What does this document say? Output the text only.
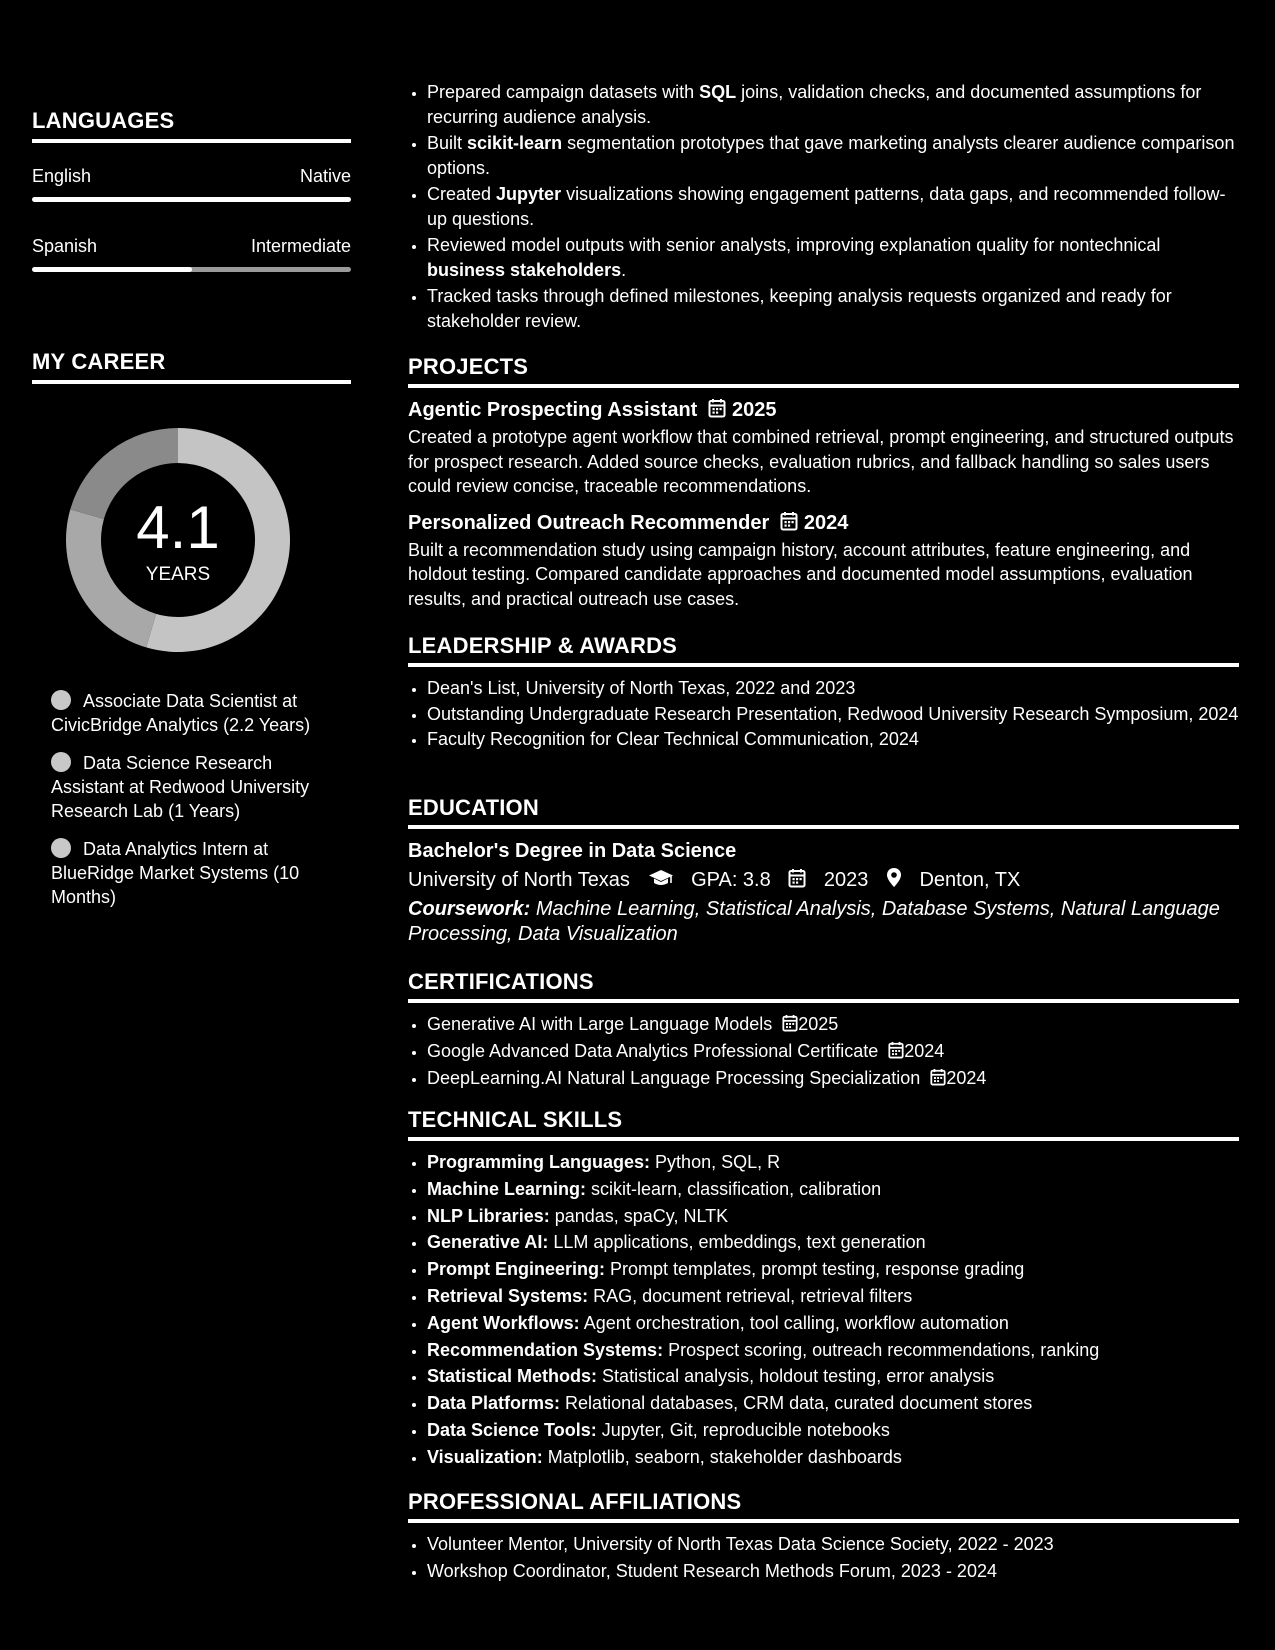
LANGUAGES
English	Native
Spanish	Intermediate
MY CAREER
4.1
YEARS
Associate Data Scientist at CivicBridge Analytics (2.2 Years)
Data Science Research Assistant at Redwood University Research Lab (1 Years)
Data Analytics Intern at BlueRidge Market Systems (10 Months)
• Prepared campaign datasets with SQL joins, validation checks, and documented assumptions for recurring audience analysis.
• Built scikit-learn segmentation prototypes that gave marketing analysts clearer audience comparison options.
• Created Jupyter visualizations showing engagement patterns, data gaps, and recommended follow-up questions.
• Reviewed model outputs with senior analysts, improving explanation quality for nontechnical business stakeholders.
• Tracked tasks through defined milestones, keeping analysis requests organized and ready for stakeholder review.
PROJECTS
Agentic Prospecting Assistant 2025
Created a prototype agent workflow that combined retrieval, prompt engineering, and structured outputs for prospect research. Added source checks, evaluation rubrics, and fallback handling so sales users could review concise, traceable recommendations.
Personalized Outreach Recommender 2024
Built a recommendation study using campaign history, account attributes, feature engineering, and holdout testing. Compared candidate approaches and documented model assumptions, evaluation results, and practical outreach use cases.
LEADERSHIP & AWARDS
• Dean's List, University of North Texas, 2022 and 2023
• Outstanding Undergraduate Research Presentation, Redwood University Research Symposium, 2024
• Faculty Recognition for Clear Technical Communication, 2024
EDUCATION
Bachelor's Degree in Data Science
University of North Texas	GPA: 3.8	2023	Denton, TX
Coursework: Machine Learning, Statistical Analysis, Database Systems, Natural Language Processing, Data Visualization
CERTIFICATIONS
• Generative AI with Large Language Models 2025
• Google Advanced Data Analytics Professional Certificate 2024
• DeepLearning.AI Natural Language Processing Specialization 2024
TECHNICAL SKILLS
• Programming Languages: Python, SQL, R
• Machine Learning: scikit-learn, classification, calibration
• NLP Libraries: pandas, spaCy, NLTK
• Generative AI: LLM applications, embeddings, text generation
• Prompt Engineering: Prompt templates, prompt testing, response grading
• Retrieval Systems: RAG, document retrieval, retrieval filters
• Agent Workflows: Agent orchestration, tool calling, workflow automation
• Recommendation Systems: Prospect scoring, outreach recommendations, ranking
• Statistical Methods: Statistical analysis, holdout testing, error analysis
• Data Platforms: Relational databases, CRM data, curated document stores
• Data Science Tools: Jupyter, Git, reproducible notebooks
• Visualization: Matplotlib, seaborn, stakeholder dashboards
PROFESSIONAL AFFILIATIONS
• Volunteer Mentor, University of North Texas Data Science Society, 2022 - 2023
• Workshop Coordinator, Student Research Methods Forum, 2023 - 2024
